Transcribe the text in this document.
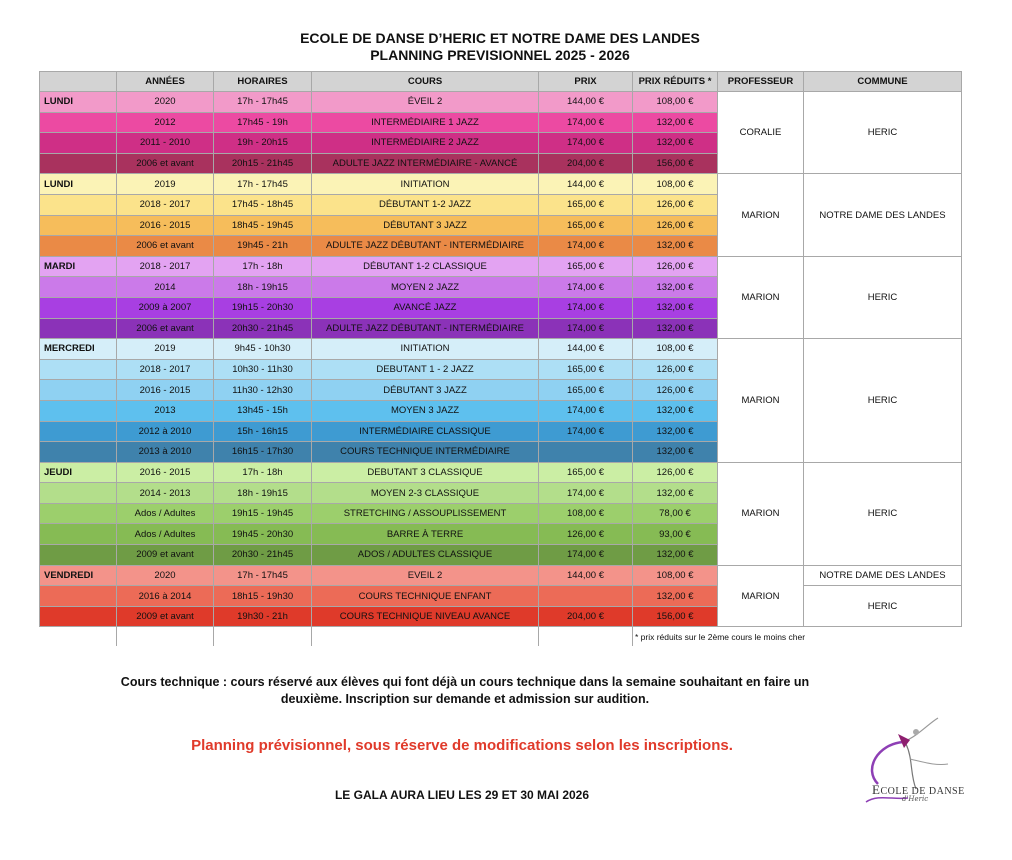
ECOLE DE DANSE D’HERIC ET NOTRE DAME DES LANDES
PLANNING PREVISIONNEL 2025 - 2026
	ANNÉES	HORAIRES	COURS	PRIX	PRIX RÉDUITS *	PROFESSEUR	COMMUNE
LUNDI	2020	17h - 17h45	ÉVEIL 2	144,00 €	108,00 €	CORALIE	HERIC
	2012	17h45 - 19h	INTERMÉDIAIRE 1 JAZZ	174,00 €	132,00 €		
	2011 - 2010	19h - 20h15	INTERMÉDIAIRE 2 JAZZ	174,00 €	132,00 €		
	2006 et avant	20h15 - 21h45	ADULTE JAZZ INTERMÉDIAIRE - AVANCÉ	204,00 €	156,00 €		
LUNDI	2019	17h - 17h45	INITIATION	144,00 €	108,00 €	MARION	NOTRE DAME DES LANDES
	2018 - 2017	17h45 - 18h45	DÉBUTANT 1-2 JAZZ	165,00 €	126,00 €		
	2016 - 2015	18h45 - 19h45	DÉBUTANT 3 JAZZ	165,00 €	126,00 €		
	2006 et avant	19h45 - 21h	ADULTE JAZZ DÉBUTANT - INTERMÉDIAIRE	174,00 €	132,00 €		
MARDI	2018 - 2017	17h - 18h	DÉBUTANT 1-2 CLASSIQUE	165,00 €	126,00 €	MARION	HERIC
	2014	18h - 19h15	MOYEN 2 JAZZ	174,00 €	132,00 €		
	2009 à 2007	19h15 - 20h30	AVANCÉ JAZZ	174,00 €	132,00 €		
	2006 et avant	20h30 - 21h45	ADULTE JAZZ DÉBUTANT - INTERMÉDIAIRE	174,00 €	132,00 €		
MERCREDI	2019	9h45 - 10h30	INITIATION	144,00 €	108,00 €	MARION	HERIC
	2018 - 2017	10h30 - 11h30	DEBUTANT 1 - 2 JAZZ	165,00 €	126,00 €		
	2016 - 2015	11h30 - 12h30	DÉBUTANT 3 JAZZ	165,00 €	126,00 €		
	2013	13h45 - 15h	MOYEN 3 JAZZ	174,00 €	132,00 €		
	2012 à 2010	15h - 16h15	INTERMÉDIAIRE CLASSIQUE	174,00 €	132,00 €		
	2013 à 2010	16h15 - 17h30	COURS TECHNIQUE INTERMÉDIAIRE		132,00 €		
JEUDI	2016 - 2015	17h - 18h	DEBUTANT 3 CLASSIQUE	165,00 €	126,00 €	MARION	HERIC
	2014 - 2013	18h - 19h15	MOYEN 2-3 CLASSIQUE	174,00 €	132,00 €		
	Ados / Adultes	19h15 - 19h45	STRETCHING / ASSOUPLISSEMENT	108,00 €	78,00 €		
	Ados / Adultes	19h45 - 20h30	BARRE À TERRE	126,00 €	93,00 €		
	2009 et avant	20h30 - 21h45	ADOS / ADULTES CLASSIQUE	174,00 €	132,00 €		
VENDREDI	2020	17h - 17h45	EVEIL 2	144,00 €	108,00 €	MARION	NOTRE DAME DES LANDES
	2016 à 2014	18h15 - 19h30	COURS TECHNIQUE ENFANT		132,00 €		HERIC
	2009 et avant	19h30 - 21h	COURS TECHNIQUE NIVEAU AVANCE	204,00 €	156,00 €		
					* prix réduits sur le 2ème cours le moins cher		
Cours technique : cours réservé aux élèves qui font déjà un cours technique dans la semaine souhaitant en faire un deuxième. Inscription sur demande et admission sur audition.
Planning prévisionnel, sous réserve de modifications selon les inscriptions.
LE GALA AURA LIEU LES 29 ET 30 MAI 2026	ECOLE DE DANSE
d'Heric
